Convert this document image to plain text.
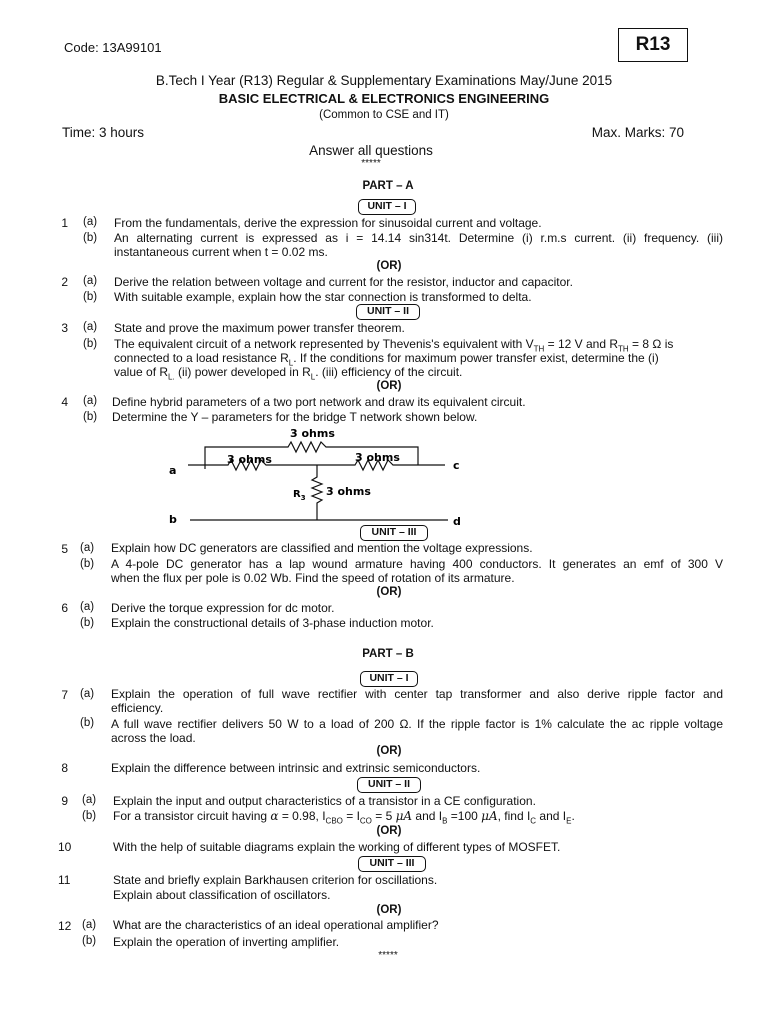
Code: 13A99101	R13
B.Tech I Year (R13) Regular & Supplementary Examinations May/June 2015
BASIC ELECTRICAL & ELECTRONICS ENGINEERING
(Common to CSE and IT)
Time: 3 hours	Max. Marks: 70
Answer all questions
*****
PART – A
UNIT – I
1 (a) From the fundamentals, derive the expression for sinusoidal current and voltage.
(b) An alternating current is expressed as i = 14.14 sin314t. Determine (i) r.m.s current. (ii) frequency. (iii)
instantaneous current when t = 0.02 ms.
(OR)
2 (a) Derive the relation between voltage and current for the resistor, inductor and capacitor.
(b) With suitable example, explain how the star connection is transformed to delta.
UNIT – II
3 (a) State and prove the maximum power transfer theorem.
(b) The equivalent circuit of a network represented by Thevenis's equivalent with $V_{TH} = 12$ V and $R_{TH} = 8$ Ω is
connected to a load resistance $R_L$. If the conditions for maximum power transfer exist, determine the (i)
value of $R_{L.}$ (ii) power developed in $R_L$. (iii) efficiency of the circuit.
(OR)
4 (a) Define hybrid parameters of a two port network and draw its equivalent circuit.
(b) Determine the Y – parameters for the bridge T network shown below.
3 ohms
3 ohms	3 ohms
3 ohms
$R_3$
a
b
c
d
UNIT – III
5 (a) Explain how DC generators are classified and mention the voltage expressions.
(b) A 4-pole DC generator has a lap wound armature having 400 conductors. It generates an emf of 300 V
when the flux per pole is 0.02 Wb. Find the speed of rotation of its armature.
(OR)
6 (a) Derive the torque expression for dc motor.
(b) Explain the constructional details of 3-phase induction motor.
PART – B
UNIT – I
7 (a) Explain the operation of full wave rectifier with center tap transformer and also derive ripple factor and
efficiency.
(b) A full wave rectifier delivers 50 W to a load of 200 Ω. If the ripple factor is 1% calculate the ac ripple voltage
across the load.
(OR)
8	Explain the difference between intrinsic and extrinsic semiconductors.
UNIT – II
9 (a) Explain the input and output characteristics of a transistor in a CE configuration.
(b) For a transistor circuit having α = 0.98, $I_{CBO} = I_{CO} = 5$ μA and $I_B =100$ μA, find $I_C$ and $I_E$.
(OR)
10	With the help of suitable diagrams explain the working of different types of MOSFET.
UNIT – III
11	State and briefly explain Barkhausen criterion for oscillations.
Explain about classification of oscillators.
(OR)
12 (a) What are the characteristics of an ideal operational amplifier?
(b) Explain the operation of inverting amplifier.
*****
